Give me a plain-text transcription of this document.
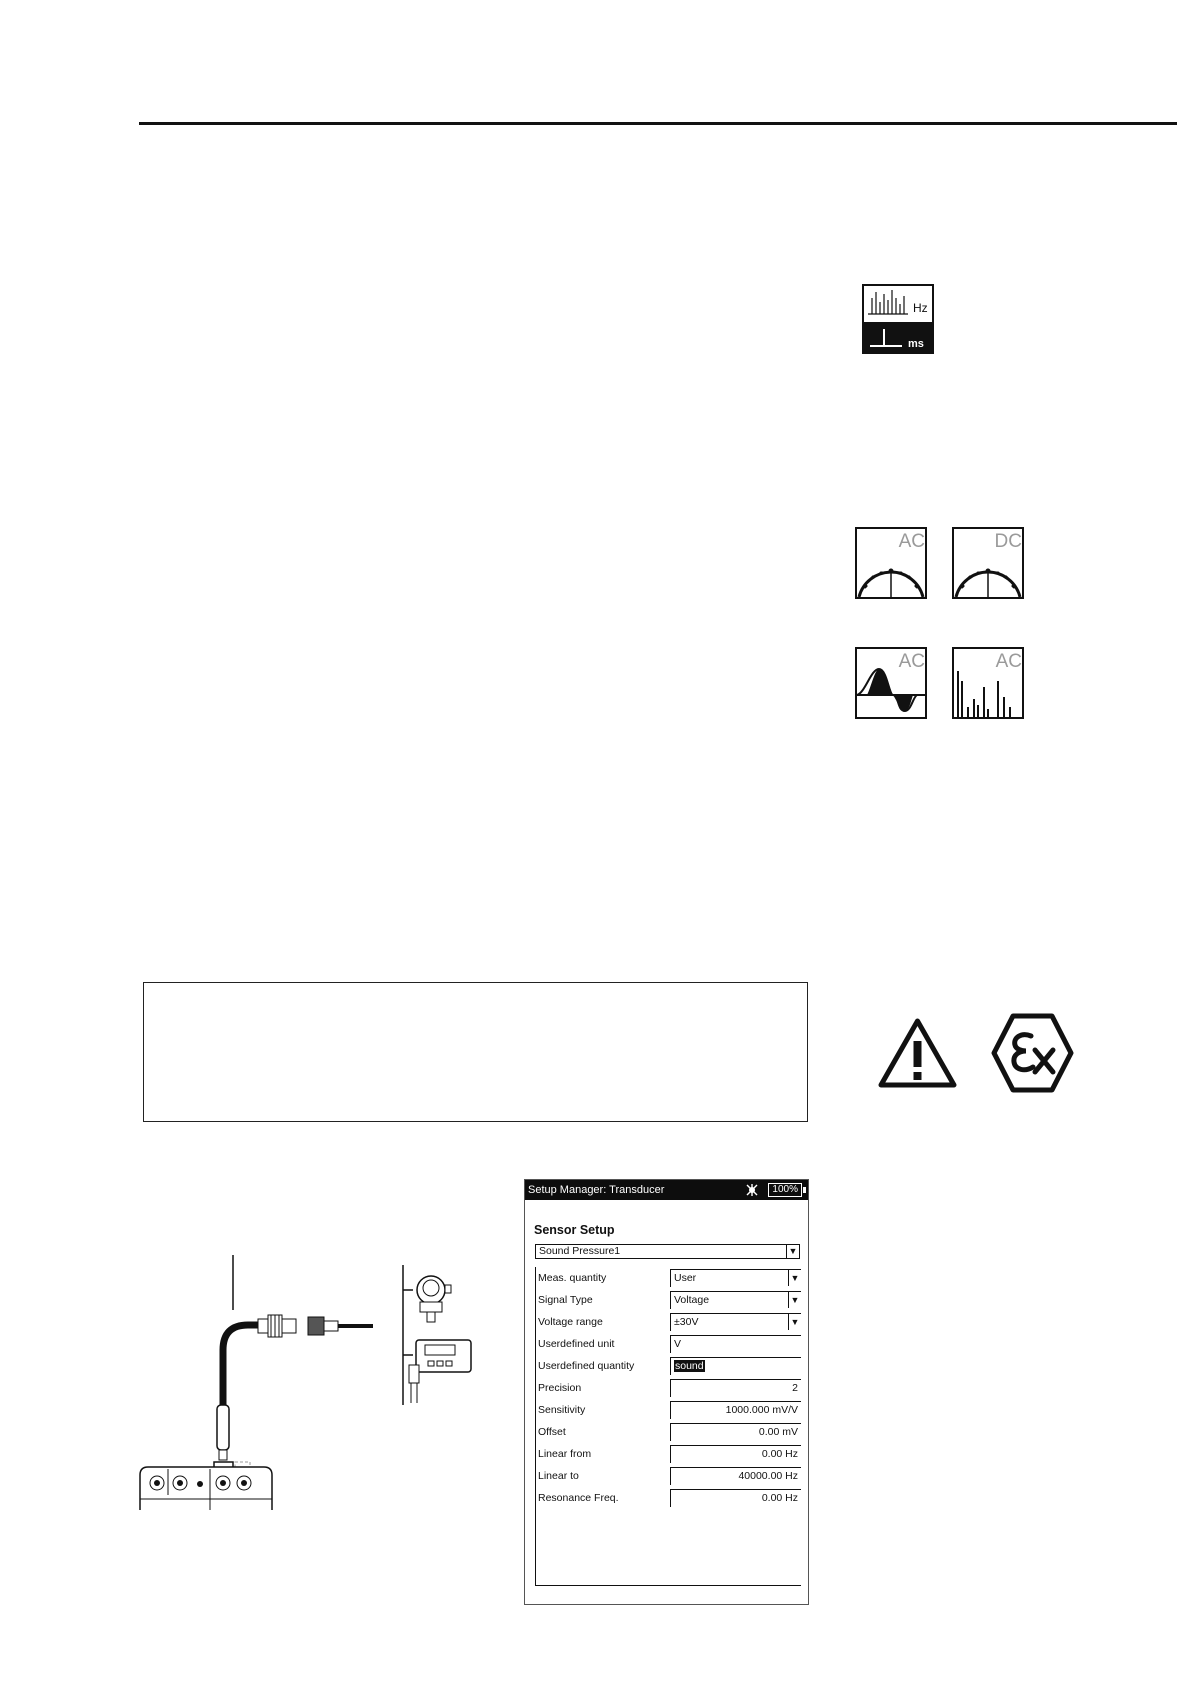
Hz
ms
AC	DC
AC	AC
Setup Manager: Transducer	100%
Sensor Setup
Sound Pressure1	▼
Meas. quantity	User	▼
Signal Type	Voltage	▼
Voltage range	±30V	▼
Userdefined unit	V
Userdefined quantity	sound
Precision	2
Sensitivity	1000.000 mV/V
Offset	0.00 mV
Linear from	0.00 Hz
Linear to	40000.00 Hz
Resonance Freq.	0.00 Hz
